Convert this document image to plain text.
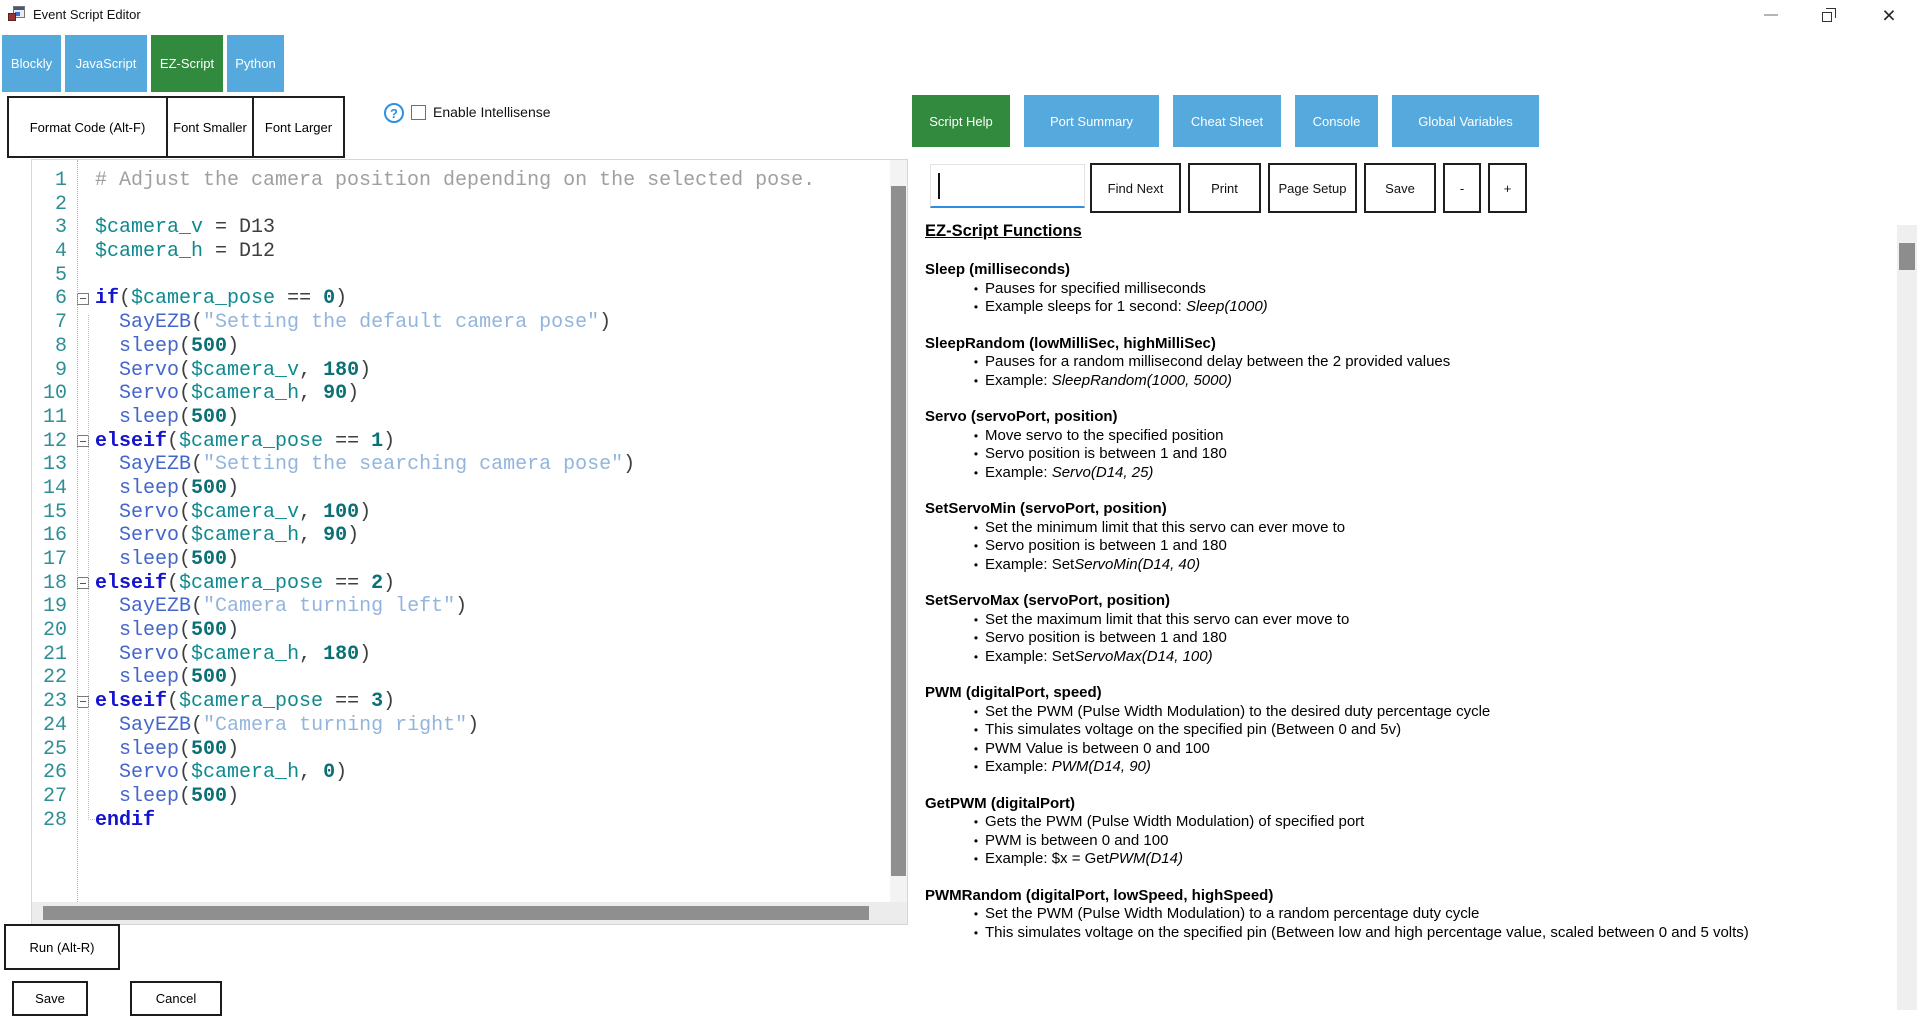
Event Script Editor	×
Blockly	JavaScript	EZ-Script	Python
Format Code (Alt-F)	Font Smaller	Font Larger
?	Enable Intellisense
Script Help	Port Summary	Cheat Sheet	Console	Global Variables
Find Next	Print	Page Setup	Save	-	+
1 # Adjust the camera position depending on the selected pose.
2
3 $camera_v = D13
4 $camera_h = D12
5
6 if($camera_pose == 0)
7	SayEZB("Setting the default camera pose")
8	sleep(500)
9	Servo($camera_v, 180)
10	Servo($camera_h, 90)
11	sleep(500)
12 elseif($camera_pose == 1)
13	SayEZB("Setting the searching camera pose")
14	sleep(500)
15	Servo($camera_v, 100)
16	Servo($camera_h, 90)
17	sleep(500)
18 elseif($camera_pose == 2)
19	SayEZB("Camera turning left")
20	sleep(500)
21	Servo($camera_h, 180)
22	sleep(500)
23 elseif($camera_pose == 3)
24	SayEZB("Camera turning right")
25	sleep(500)
26	Servo($camera_h, 0)
27	sleep(500)
28 endif
Run (Alt-R)
Save	Cancel
EZ-Script Functions
Sleep (milliseconds)
• Pauses for specified milliseconds
• Example sleeps for 1 second: Sleep(1000)
SleepRandom (lowMilliSec, highMilliSec)
• Pauses for a random millisecond delay between the 2 provided values
• Example: SleepRandom(1000, 5000)
Servo (servoPort, position)
• Move servo to the specified position
• Servo position is between 1 and 180
• Example: Servo(D14, 25)
SetServoMin (servoPort, position)
• Set the minimum limit that this servo can ever move to
• Servo position is between 1 and 180
• Example: SetServoMin(D14, 40)
SetServoMax (servoPort, position)
• Set the maximum limit that this servo can ever move to
• Servo position is between 1 and 180
• Example: SetServoMax(D14, 100)
PWM (digitalPort, speed)
• Set the PWM (Pulse Width Modulation) to the desired duty percentage cycle
• This simulates voltage on the specified pin (Between 0 and 5v)
• PWM Value is between 0 and 100
• Example: PWM(D14, 90)
GetPWM (digitalPort)
• Gets the PWM (Pulse Width Modulation) of specified port
• PWM is between 0 and 100
• Example: $x = GetPWM(D14)
PWMRandom (digitalPort, lowSpeed, highSpeed)
• Set the PWM (Pulse Width Modulation) to a random percentage duty cycle
• This simulates voltage on the specified pin (Between low and high percentage value, scaled between 0 and 5 volts)
